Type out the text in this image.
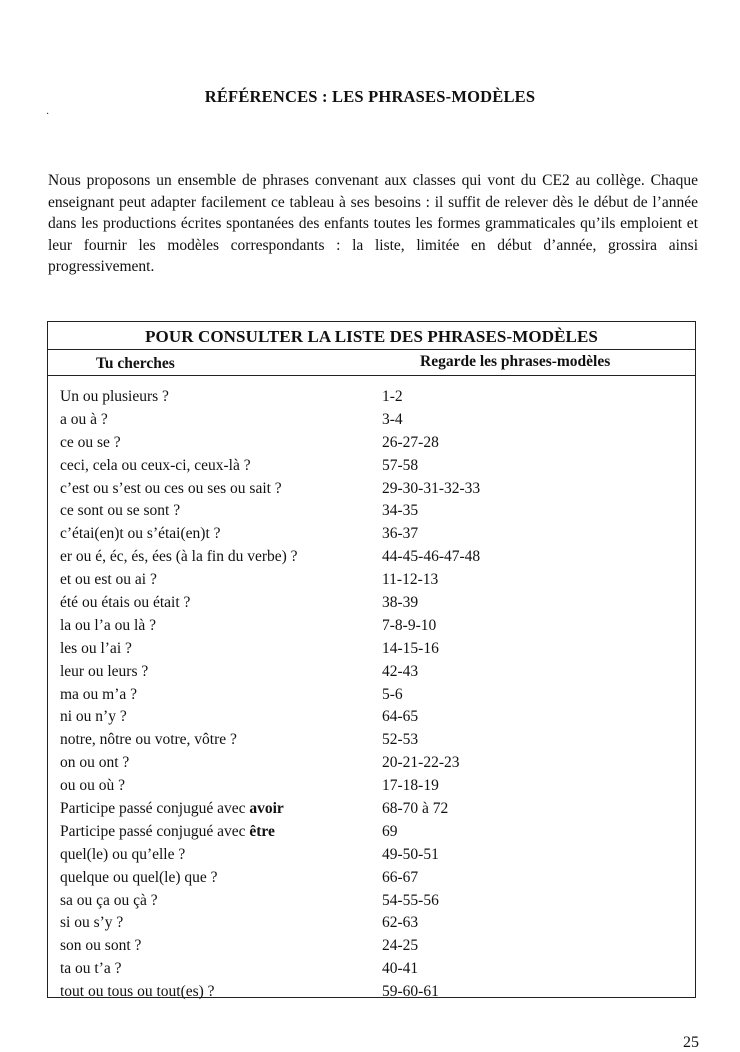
RÉFÉRENCES : LES PHRASES-MODÈLES
·

Nous proposons un ensemble de phrases convenant aux classes qui vont du CE2 au collège. Chaque enseignant peut adapter facilement ce tableau à ses besoins : il suffit de relever dès le début de l’année dans les productions écrites spontanées des enfants toutes les formes grammaticales qu’ils emploient et leur fournir les modèles correspondants : la liste, limitée en début d’année, grossira ainsi progressivement.

POUR CONSULTER LA LISTE DES PHRASES-MODÈLES
Tu cherches	Regarde les phrases-modèles
Un ou plusieurs ?	1-2
a ou à ?	3-4
ce ou se ?	26-27-28
ceci, cela ou ceux-ci, ceux-là ?	57-58
c’est ou s’est ou ces ou ses ou sait ?	29-30-31-32-33
ce sont ou se sont ?	34-35
c’étai(en)t ou s’étai(en)t ?	36-37
er ou é, éc, és, ées (à la fin du verbe) ?	44-45-46-47-48
et ou est ou ai ?	11-12-13
été ou étais ou était ?	38-39
la ou l’a ou là ?	7-8-9-10
les ou l’ai ?	14-15-16
leur ou leurs ?	42-43
ma ou m’a ?	5-6
ni ou n’y ?	64-65
notre, nôtre ou votre, vôtre ?	52-53
on ou ont ?	20-21-22-23
ou ou où ?	17-18-19
Participe passé conjugué avec avoir	68-70 à 72
Participe passé conjugué avec être	69
quel(le) ou qu’elle ?	49-50-51
quelque ou quel(le) que ?	66-67
sa ou ça ou çà ?	54-55-56
si ou s’y ?	62-63
son ou sont ?	24-25
ta ou t’a ?	40-41
tout ou tous ou tout(es) ?	59-60-61
25
